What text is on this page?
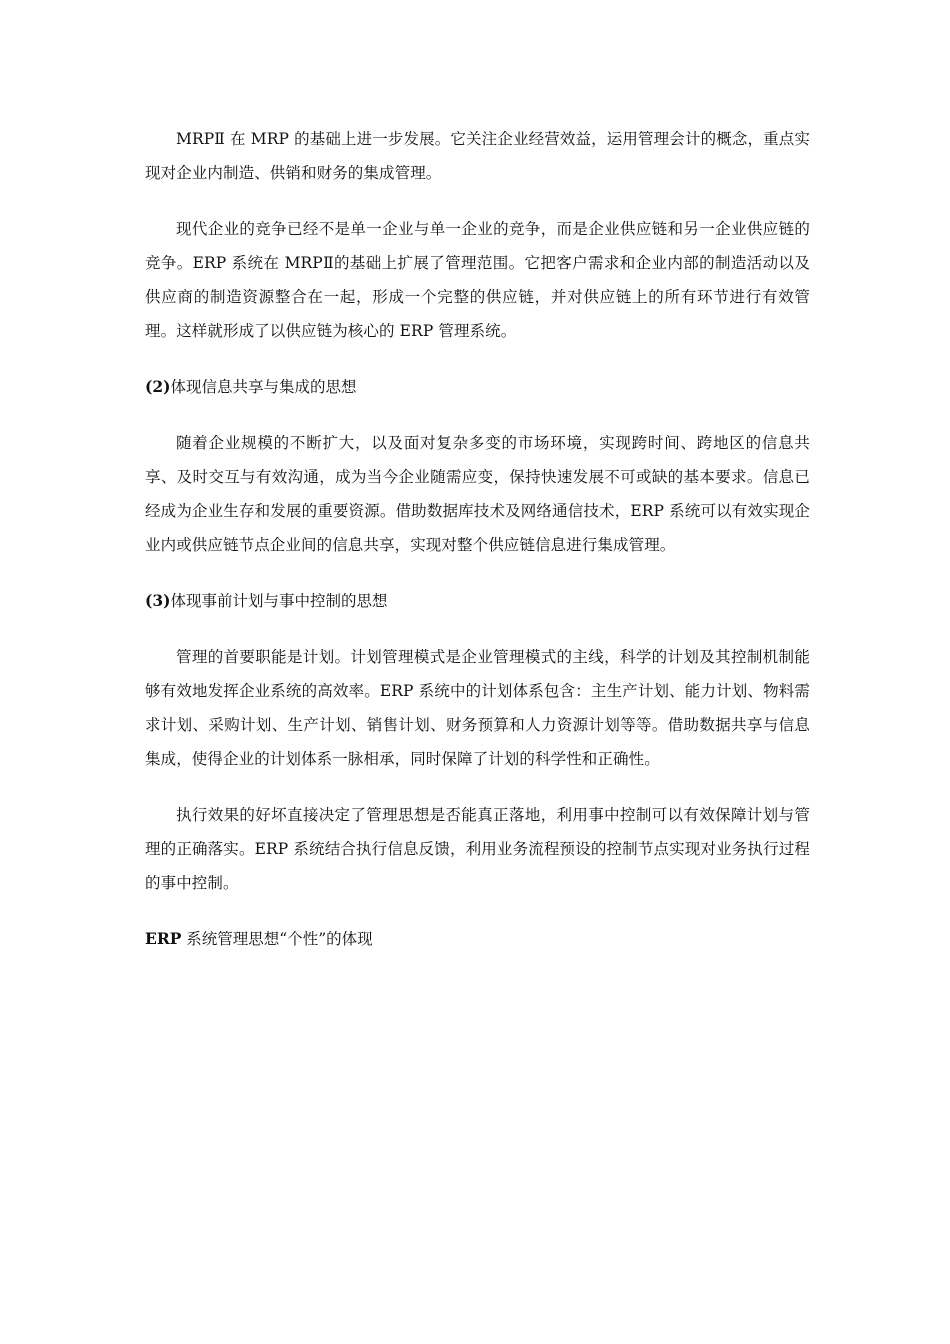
MRPⅡ 在 MRP 的基础上进一步发展。它关注企业经营效益，运用管理会计的概念，重点实现对企业内制造、供销和财务的集成管理。

现代企业的竞争已经不是单一企业与单一企业的竞争，而是企业供应链和另一企业供应链的竞争。ERP 系统在 MRPⅡ的基础上扩展了管理范围。它把客户需求和企业内部的制造活动以及供应商的制造资源整合在一起，形成一个完整的供应链，并对供应链上的所有环节进行有效管理。这样就形成了以供应链为核心的 ERP 管理系统。

(2)体现信息共享与集成的思想

随着企业规模的不断扩大，以及面对复杂多变的市场环境，实现跨时间、跨地区的信息共享、及时交互与有效沟通，成为当今企业随需应变，保持快速发展不可或缺的基本要求。信息已经成为企业生存和发展的重要资源。借助数据库技术及网络通信技术，ERP 系统可以有效实现企业内或供应链节点企业间的信息共享，实现对整个供应链信息进行集成管理。

(3)体现事前计划与事中控制的思想

管理的首要职能是计划。计划管理模式是企业管理模式的主线，科学的计划及其控制机制能够有效地发挥企业系统的高效率。ERP 系统中的计划体系包含：主生产计划、能力计划、物料需求计划、采购计划、生产计划、销售计划、财务预算和人力资源计划等等。借助数据共享与信息集成，使得企业的计划体系一脉相承，同时保障了计划的科学性和正确性。

执行效果的好坏直接决定了管理思想是否能真正落地，利用事中控制可以有效保障计划与管理的正确落实。ERP 系统结合执行信息反馈，利用业务流程预设的控制节点实现对业务执行过程的事中控制。

ERP 系统管理思想“个性”的体现
